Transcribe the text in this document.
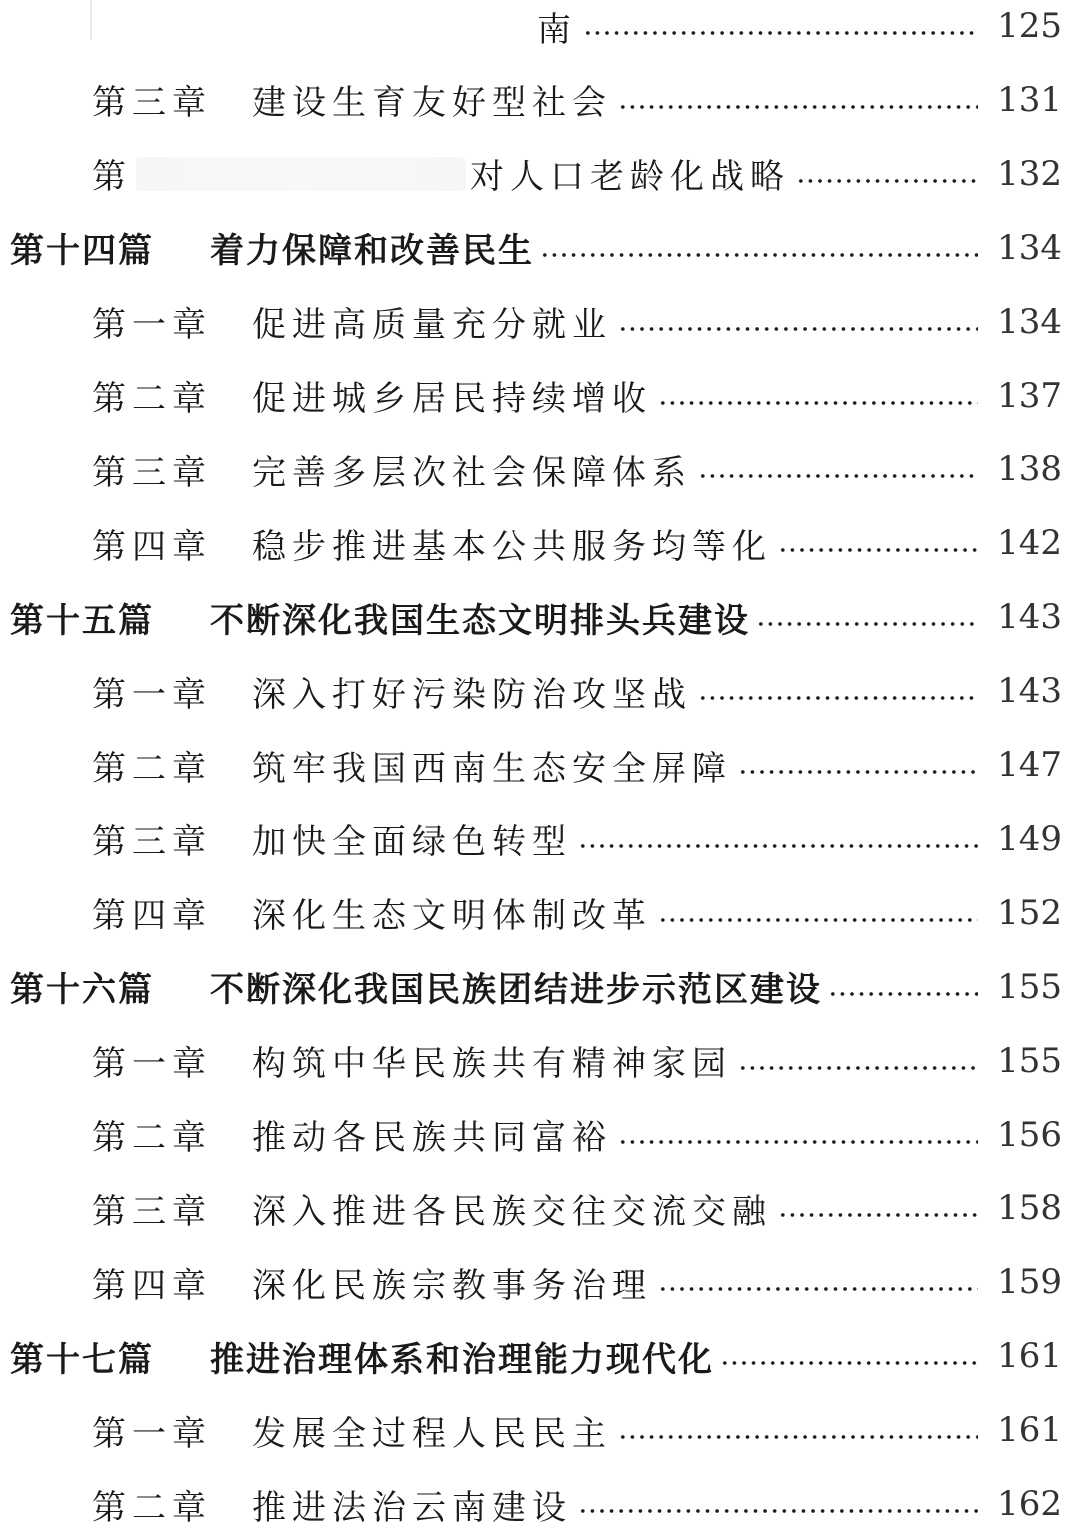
南	125
第三章	建设生育友好型社会	131
第	对人口老龄化战略	132
第十四篇	着力保障和改善民生	134
第一章	促进高质量充分就业	134
第二章	促进城乡居民持续增收	137
第三章	完善多层次社会保障体系	138
第四章	稳步推进基本公共服务均等化	142
第十五篇	不断深化我国生态文明排头兵建设	143
第一章	深入打好污染防治攻坚战	143
第二章	筑牢我国西南生态安全屏障	147
第三章	加快全面绿色转型	149
第四章	深化生态文明体制改革	152
第十六篇	不断深化我国民族团结进步示范区建设	155
第一章	构筑中华民族共有精神家园	155
第二章	推动各民族共同富裕	156
第三章	深入推进各民族交往交流交融	158
第四章	深化民族宗教事务治理	159
第十七篇	推进治理体系和治理能力现代化	161
第一章	发展全过程人民民主	161
第二章	推进法治云南建设	162
